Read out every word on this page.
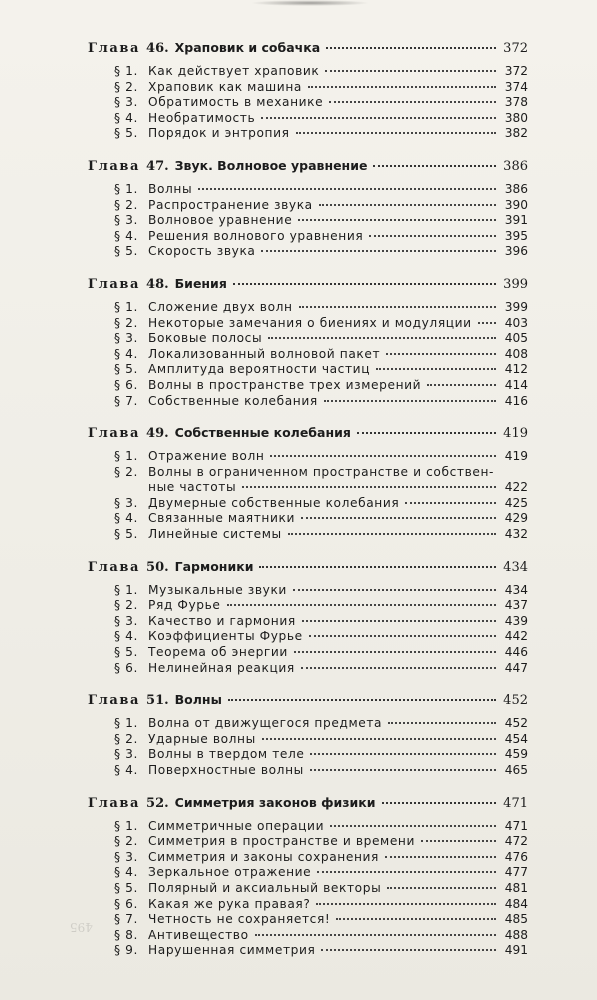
Глава 46. Храповик и собачка	372
§ 1. Как действует храповик	372
§ 2. Храповик как машина	374
§ 3. Обратимость в механике	378
§ 4. Необратимость	380
§ 5. Порядок и энтропия	382
Глава 47. Звук. Волновое уравнение	386
§ 1. Волны	386
§ 2. Распространение звука	390
§ 3. Волновое уравнение	391
§ 4. Решения волнового уравнения	395
§ 5. Скорость звука	396
Глава 48. Биения	399
§ 1. Сложение двух волн	399
§ 2. Некоторые замечания о биениях и модуляции	403
§ 3. Боковые полосы	405
§ 4. Локализованный волновой пакет	408
§ 5. Амплитуда вероятности частиц	412
§ 6. Волны в пространстве трех измерений	414
§ 7. Собственные колебания	416
Глава 49. Собственные колебания	419
§ 1. Отражение волн	419
§ 2. Волны в ограниченном пространстве и собствен-
ные частоты	422
§ 3. Двумерные собственные колебания	425
§ 4. Связанные маятники	429
§ 5. Линейные системы	432
Глава 50. Гармоники	434
§ 1. Музыкальные звуки	434
§ 2. Ряд Фурье	437
§ 3. Качество и гармония	439
§ 4. Коэффициенты Фурье	442
§ 5. Теорема об энергии	446
§ 6. Нелинейная реакция	447
Глава 51. Волны	452
§ 1. Волна от движущегося предмета	452
§ 2. Ударные волны	454
§ 3. Волны в твердом теле	459
§ 4. Поверхностные волны	465
Глава 52. Симметрия законов физики	471
§ 1. Симметричные операции	471
§ 2. Симметрия в пространстве и времени	472
§ 3. Симметрия и законы сохранения	476
§ 4. Зеркальное отражение	477
§ 5. Полярный и аксиальный векторы	481
§ 6. Какая же рука правая?	484
§ 7. Четность не сохраняется!	485
§ 8. Антивещество	488
§ 9. Нарушенная симметрия	491
495
